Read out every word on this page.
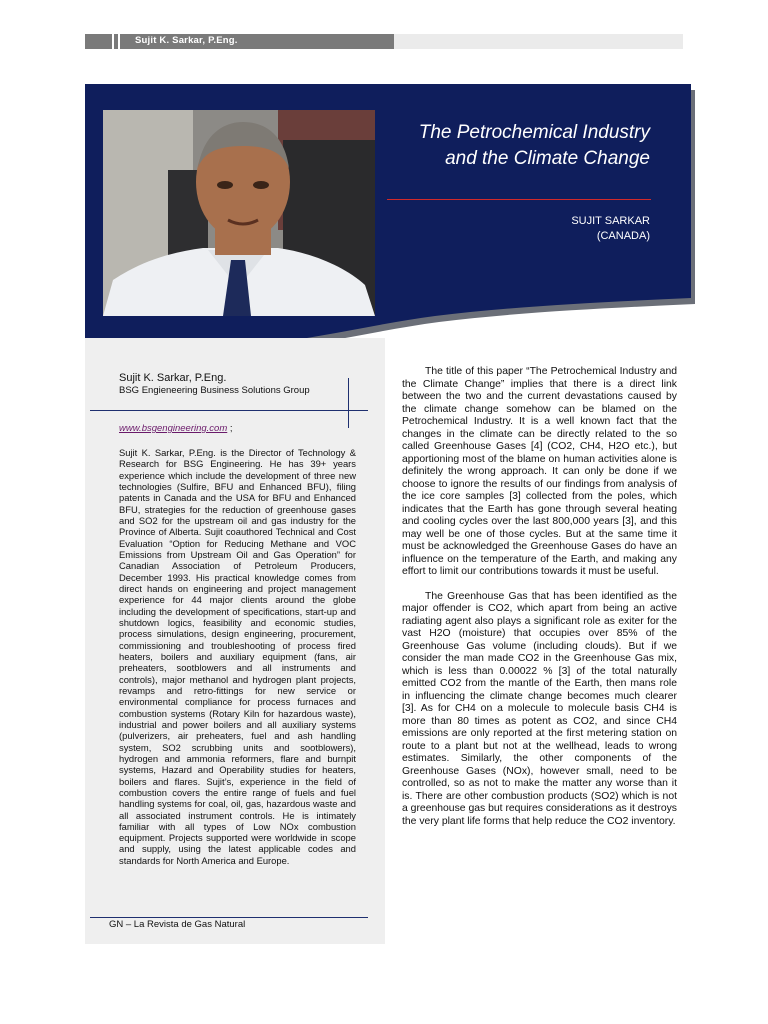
Sujit K. Sarkar, P.Eng.
The Petrochemical Industry
and the Climate Change
SUJIT SARKAR
(CANADA)
Sujit K. Sarkar, P.Eng.
BSG Engieneering Business Solutions Group
www.bsgengineering.com ;
Sujit K. Sarkar, P.Eng. is the Director of Technology & Research for BSG Engineering. He has 39+ years experience which include the development of three new technologies (Sulfire, BFU and Enhanced BFU), filing patents in Canada and the USA for BFU and Enhanced BFU, strategies for the reduction of greenhouse gases and SO2 for the upstream oil and gas industry for the Province of Alberta. Sujit coauthored Technical and Cost Evaluation “Option for Reducing Methane and VOC Emissions from Upstream Oil and Gas Operation” for Canadian Association of Petroleum Producers, December 1993. His practical knowledge comes from direct hands on engineering and project management experience for 44 major clients around the globe including the development of specifications, start-up and shutdown logics, feasibility and economic studies, process simulations, design engineering, procurement, commissioning and troubleshooting of process fired heaters, boilers and auxiliary equipment (fans, air preheaters, sootblowers and all instruments and controls), major methanol and hydrogen plant projects, revamps and retro-fittings for new service or environmental compliance for process furnaces and combustion systems (Rotary Kiln for hazardous waste), industrial and power boilers and all auxiliary systems (pulverizers, air preheaters, fuel and ash handling system, SO2 scrubbing units and sootblowers), hydrogen and ammonia reformers, flare and burnpit systems, Hazard and Operability studies for heaters, boilers and flares. Sujit’s, experience in the field of combustion covers the entire range of fuels and fuel handling systems for coal, oil, gas, hazardous waste and all associated instrument controls. He is intimately familiar with all types of Low NOx combustion equipment. Projects supported were worldwide in scope and supply, using the latest applicable codes and standards for North America and Europe.
GN – La Revista de Gas Natural

The title of this paper “The Petrochemical Industry and the Climate Change” implies that there is a direct link between the two and the current devastations caused by the climate change somehow can be blamed on the Petrochemical Industry. It is a well known fact that the changes in the climate can be directly related to the so called Greenhouse Gases [4] (CO2, CH4, H2O etc.), but apportioning most of the blame on human activities alone is definitely the wrong approach. It can only be done if we choose to ignore the results of our findings from analysis of the ice core samples [3] collected from the poles, which indicates that the Earth has gone through several heating and cooling cycles over the last 800,000 years [3], and this may well be one of those cycles. But at the same time it must be acknowledged the Greenhouse Gases do have an influence on the temperature of the Earth, and making any effort to limit our contributions towards it must be useful.

The Greenhouse Gas that has been identified as the major offender is CO2, which apart from being an active radiating agent also plays a significant role as exiter for the vast H2O (moisture) that occupies over 85% of the Greenhouse Gas volume (including clouds). But if we consider the man made CO2 in the Greenhouse Gas mix, which is less than 0.00022 % [3] of the total naturally emitted CO2 from the mantle of the Earth, then mans role in influencing the climate change becomes much clearer [3]. As for CH4 on a molecule to molecule basis CH4 is more than 80 times as potent as CO2, and since CH4 emissions are only reported at the first metering station on route to a plant but not at the wellhead, leads to wrong estimates. Similarly, the other components of the Greenhouse Gases (NOx), however small, need to be controlled, so as not to make the matter any worse than it is. There are other combustion products (SO2) which is not a greenhouse gas but requires considerations as it destroys the very plant life forms that help reduce the CO2 inventory.
